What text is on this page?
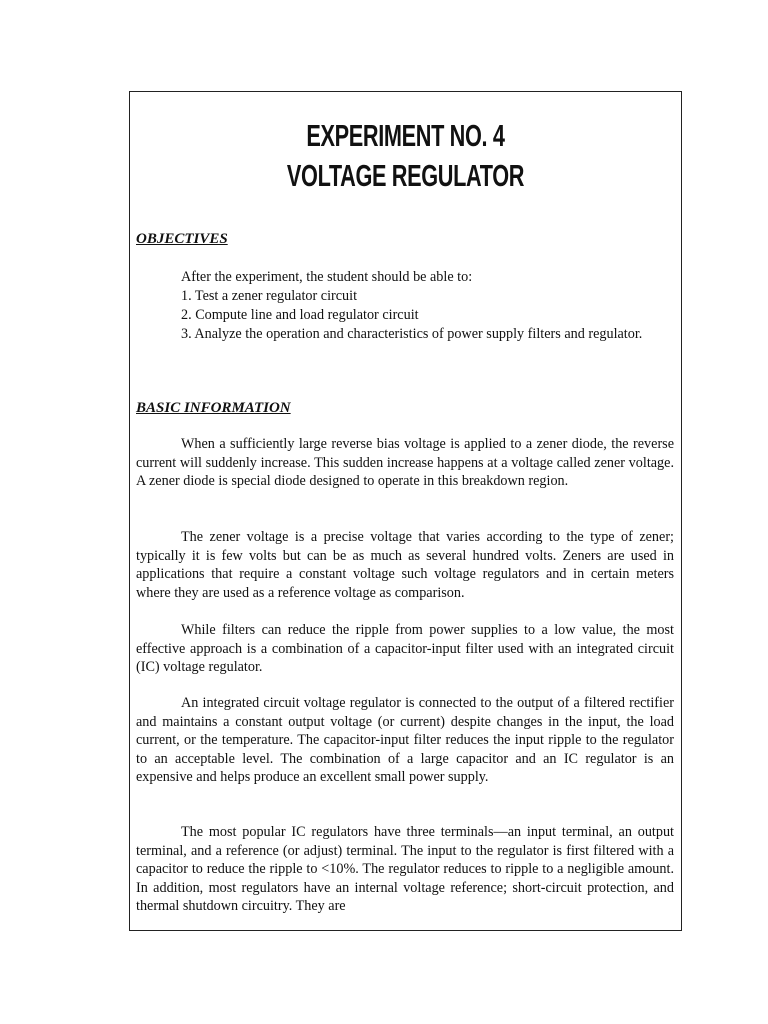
EXPERIMENT NO. 4
VOLTAGE REGULATOR
OBJECTIVES

After the experiment, the student should be able to:

1. Test a zener regulator circuit

2. Compute line and load regulator circuit

3. Analyze the operation and characteristics of power supply filters and regulator.

BASIC INFORMATION

When a sufficiently large reverse bias voltage is applied to a zener diode, the reverse current will suddenly increase. This sudden increase happens at a voltage called zener voltage. A zener diode is special diode designed to operate in this breakdown region.

The zener voltage is a precise voltage that varies according to the type of zener; typically it is few volts but can be as much as several hundred volts. Zeners are used in applications that require a constant voltage such voltage regulators and in certain meters where they are used as a reference voltage as comparison.

While filters can reduce the ripple from power supplies to a low value, the most effective approach is a combination of a capacitor-input filter used with an integrated circuit (IC) voltage regulator.

An integrated circuit voltage regulator is connected to the output of a filtered rectifier and maintains a constant output voltage (or current) despite changes in the input, the load current, or the temperature. The capacitor-input filter reduces the input ripple to the regulator to an acceptable level. The combination of a large capacitor and an IC regulator is an expensive and helps produce an excellent small power supply.

The most popular IC regulators have three terminals—an input terminal, an output terminal, and a reference (or adjust) terminal. The input to the regulator is first filtered with a capacitor to reduce the ripple to <10%. The regulator reduces to ripple to a negligible amount. In addition, most regulators have an internal voltage reference; short-circuit protection, and thermal shutdown circuitry. They are
